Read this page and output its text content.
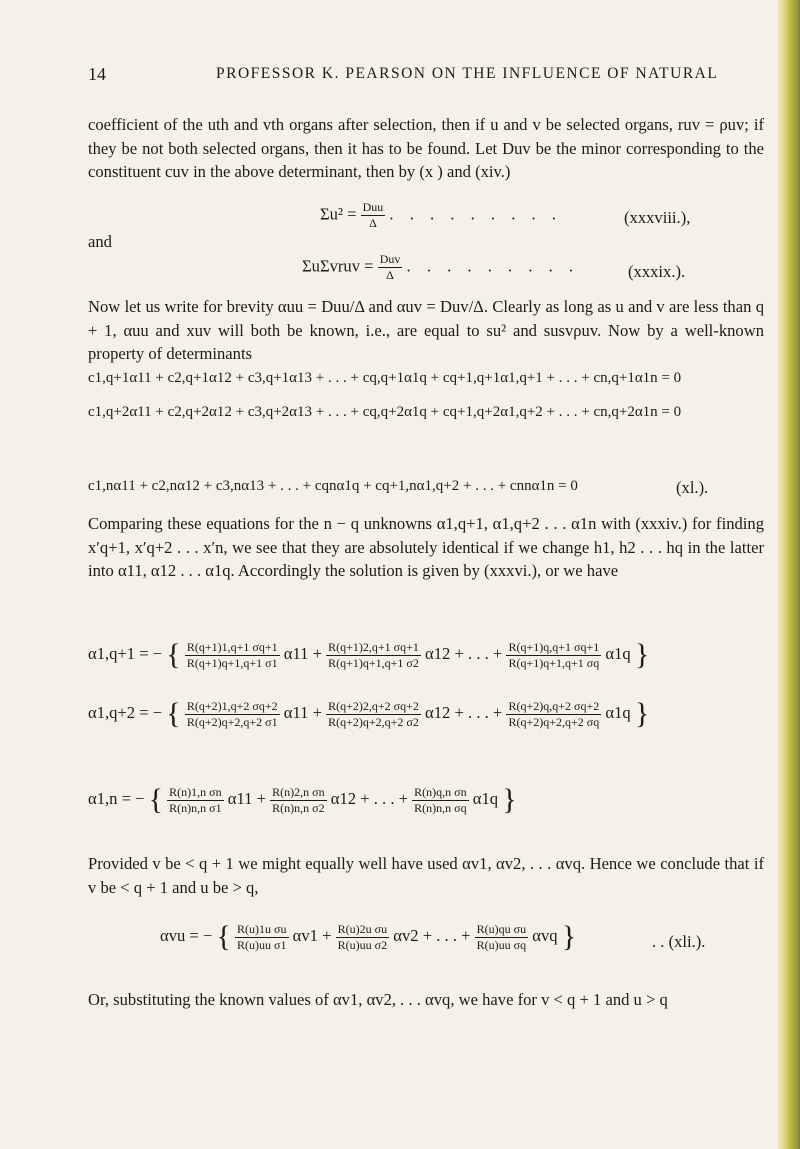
14	PROFESSOR K. PEARSON ON THE INFLUENCE OF NATURAL
coefficient of the uth and vth organs after selection, then if u and v be selected organs, ruv = ρuv; if they be not both selected organs, then it has to be found. Let Duv be the minor corresponding to the constituent cuv in the above determinant, then by (x ) and (xiv.)
$\Sigma u^2 = \frac{\text{Duu}}{\Delta}$ . . . . . . . . .	(xxxviii.),
and
ΣuΣvruv = $\frac{\text{Duv}}{\Delta}$ . . . . . . . . .	(xxxix.).
Now let us write for brevity αuu = Duu/Δ and αuv = Duv/Δ. Clearly as long as u and v are less than q + 1, αuu and xuv will both be known, i.e., are equal to su² and susvρuv. Now by a well-known property of determinants
c1,q+1α11 + c2,q+1α12 + c3,q+1α13 + . . . + cq,q+1α1q + cq+1,q+1α1,q+1 + . . . + cn,q+1α1n = 0
c1,q+2α11 + c2,q+2α12 + c3,q+2α13 + . . . + cq,q+2α1q + cq+1,q+2α1,q+2 + . . . + cn,q+2α1n = 0
c1,nα11 + c2,nα12 + c3,nα13 + . . . + cqnα1q + cq+1,nα1,q+2 + . . . + cnnα1n = 0	(xl.).
Comparing these equations for the n − q unknowns α1,q+1, α1,q+2 . . . α1n with (xxxiv.) for finding x′q+1, x′q+2 . . . x′n, we see that they are absolutely identical if we change h1, h2 . . . hq in the latter into α11, α12 . . . α1q. Accordingly the solution is given by (xxxvi.), or we have
α1,q+1 = − { $\frac{R(q+1)1,q+1 \sigma q+1}{R(q+1)q+1,q+1 \sigma 1} \alpha 11 + \frac{R(q+1)2,q+1 \sigma q+1}{R(q+1)q+1,q+1 \sigma 2} \alpha 12$ + . . . + $\frac{R(q+1)q,q+1 \sigma q+1}{R(q+1)q+1,q+1 \sigma q} \alpha 1q$ }
α1,q+2 = − { $\frac{R(q+2)1,q+2 \sigma q+2}{R(q+2)q+2,q+2 \sigma 1} \alpha 11 + \frac{R(q+2)2,q+2 \sigma q+2}{R(q+2)q+2,q+2 \sigma 2} \alpha 12$ + . . . + $\frac{R(q+2)q,q+2 \sigma q+2}{R(q+2)q+2,q+2 \sigma q} \alpha 1q$ }
α1,n = − { $\frac{\text{R(n)1,n σn}}{\text{R(n)n,n σ1}} \alpha 11 + \frac{\text{R(n)2,n σn}}{\text{R(n)n,n σ2}} \alpha 12$ + . . . + $\frac{\text{R(n)q,n σn}}{\text{R(n)n,n σq}} \alpha 1q$ }
Provided v be < q + 1 we might equally well have used αv1, αv2, . . . αvq. Hence we conclude that if v be < q + 1 and u be > q,
αvu = − { $\frac{\text{R(u)1u σu}}{\text{R(u)uu σ1}} \alpha v1 + \frac{\text{R(u)2u σu}}{\text{R(u)uu σ2}} \alpha v2$ + . . . + $\frac{\text{R(u)qu σu}}{\text{R(u)uu σq}}$ αvq }	. . (xli.).
Or, substituting the known values of αv1, αv2, . . . αvq, we have for v < q + 1 and u > q
